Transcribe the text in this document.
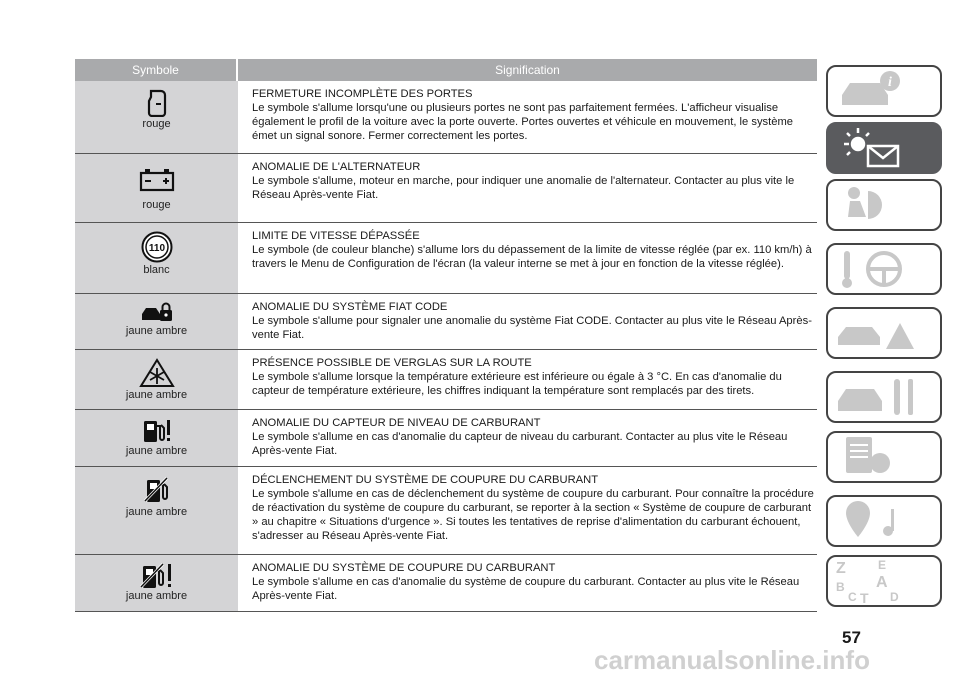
Symbole	Signification
rouge
FERMETURE INCOMPLÈTE DES PORTES
Le symbole s'allume lorsqu'une ou plusieurs portes ne sont pas parfaitement fermées. L'afficheur visualise également le profil de la voiture avec la porte ouverte. Portes ouvertes et véhicule en mouvement, le système émet un signal sonore. Fermer correctement les portes.
rouge
ANOMALIE DE L'ALTERNATEUR
Le symbole s'allume, moteur en marche, pour indiquer une anomalie de l'alternateur. Contacter au plus vite le Réseau Après-vente Fiat.
110
blanc
LIMITE DE VITESSE DÉPASSÉE
Le symbole (de couleur blanche) s'allume lors du dépassement de la limite de vitesse réglée (par ex. 110 km/h) à travers le Menu de Configuration de l'écran (la valeur interne se met à jour en fonction de la vitesse réglée).
jaune ambre
ANOMALIE DU SYSTÈME FIAT CODE
Le symbole s'allume pour signaler une anomalie du système Fiat CODE. Contacter au plus vite le Réseau Après-vente Fiat.
jaune ambre
PRÉSENCE POSSIBLE DE VERGLAS SUR LA ROUTE
Le symbole s'allume lorsque la température extérieure est inférieure ou égale à 3 °C. En cas d'anomalie du capteur de température extérieure, les chiffres indiquant la température sont remplacés par des tirets.
jaune ambre
ANOMALIE DU CAPTEUR DE NIVEAU DE CARBURANT
Le symbole s'allume en cas d'anomalie du capteur de niveau du carburant. Contacter au plus vite le Réseau Après-vente Fiat.
jaune ambre
DÉCLENCHEMENT DU SYSTÈME DE COUPURE DU CARBURANT
Le symbole s'allume en cas de déclenchement du système de coupure du carburant. Pour connaître la procédure de réactivation du système de coupure du carburant, se reporter à la section « Système de coupure de carburant » au chapitre « Situations d'urgence ». Si toutes les tentatives de reprise d'alimentation du carburant échouent, s'adresser au Réseau Après-vente Fiat.
jaune ambre
ANOMALIE DU SYSTÈME DE COUPURE DU CARBURANT
Le symbole s'allume en cas d'anomalie du système de coupure du carburant. Contacter au plus vite le Réseau Après-vente Fiat.
i
Z	E
B A
C T D
57
carmanualsonline.info
